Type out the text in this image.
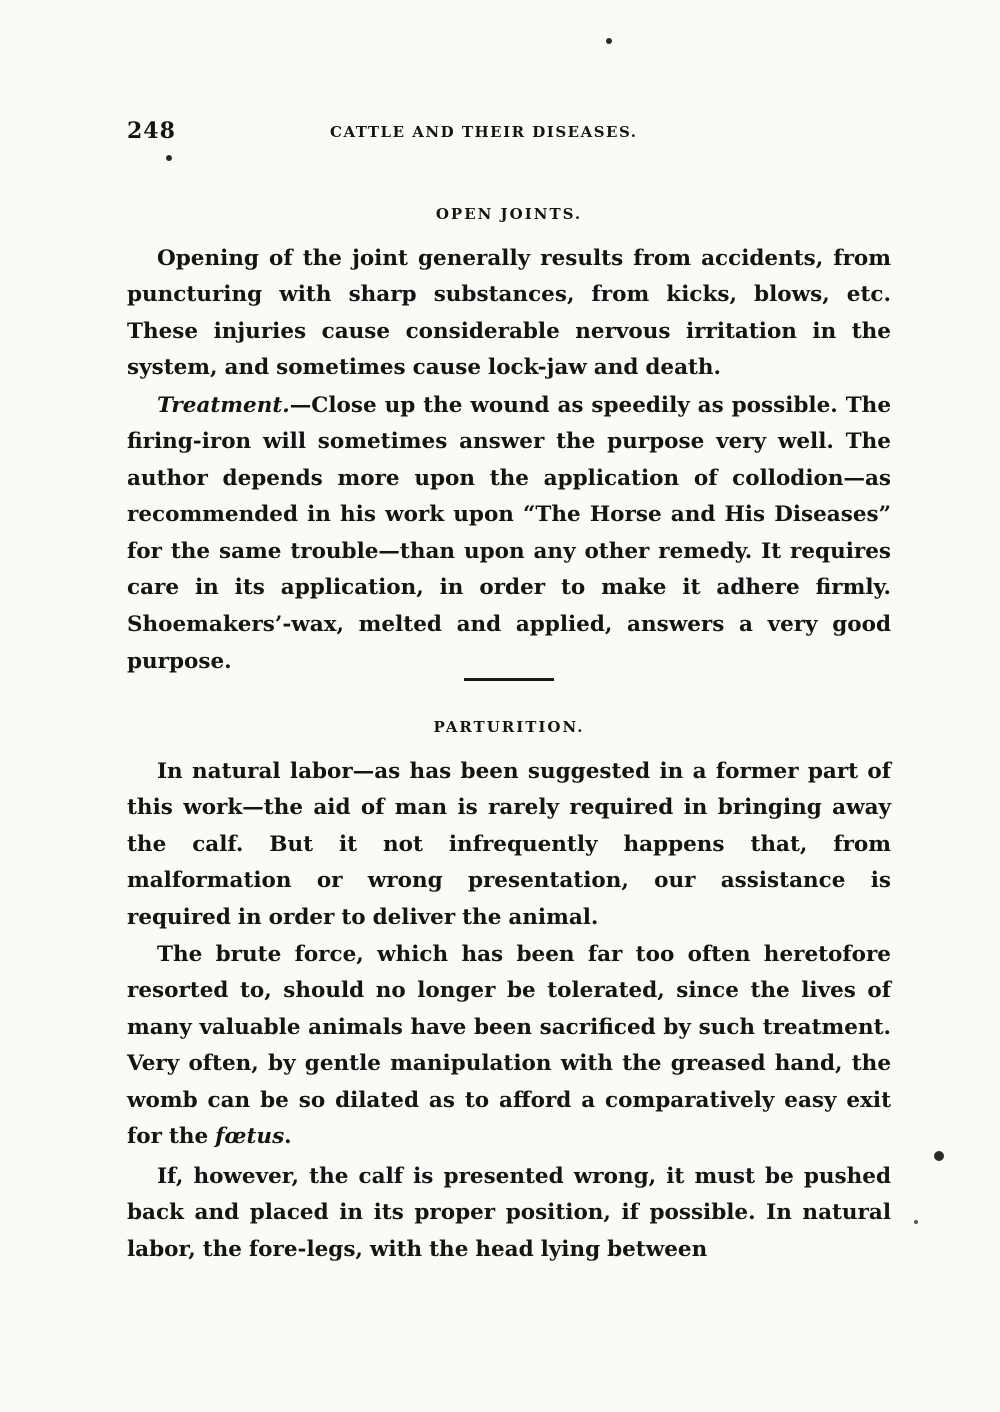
248	CATTLE AND THEIR DISEASES.
OPEN JOINTS.

Opening of the joint generally results from accidents, from puncturing with sharp substances, from kicks, blows, etc. These injuries cause considerable nervous irritation in the system, and sometimes cause lock-jaw and death.

Treatment.—Close up the wound as speedily as possible. The firing-iron will sometimes answer the purpose very well. The author depends more upon the application of collodion—as recommended in his work upon “The Horse and His Diseases” for the same trouble—than upon any other remedy. It requires care in its application, in order to make it adhere firmly. Shoemakers’-wax, melted and applied, answers a very good purpose.

PARTURITION.

In natural labor—as has been suggested in a former part of this work—the aid of man is rarely required in bringing away the calf. But it not infrequently happens that, from malformation or wrong presentation, our assistance is required in order to deliver the animal.

The brute force, which has been far too often heretofore resorted to, should no longer be tolerated, since the lives of many valuable animals have been sacrificed by such treatment. Very often, by gentle manipulation with the greased hand, the womb can be so dilated as to afford a comparatively easy exit for the fœtus.

If, however, the calf is presented wrong, it must be pushed back and placed in its proper position, if possible. In natural labor, the fore-legs, with the head lying between
